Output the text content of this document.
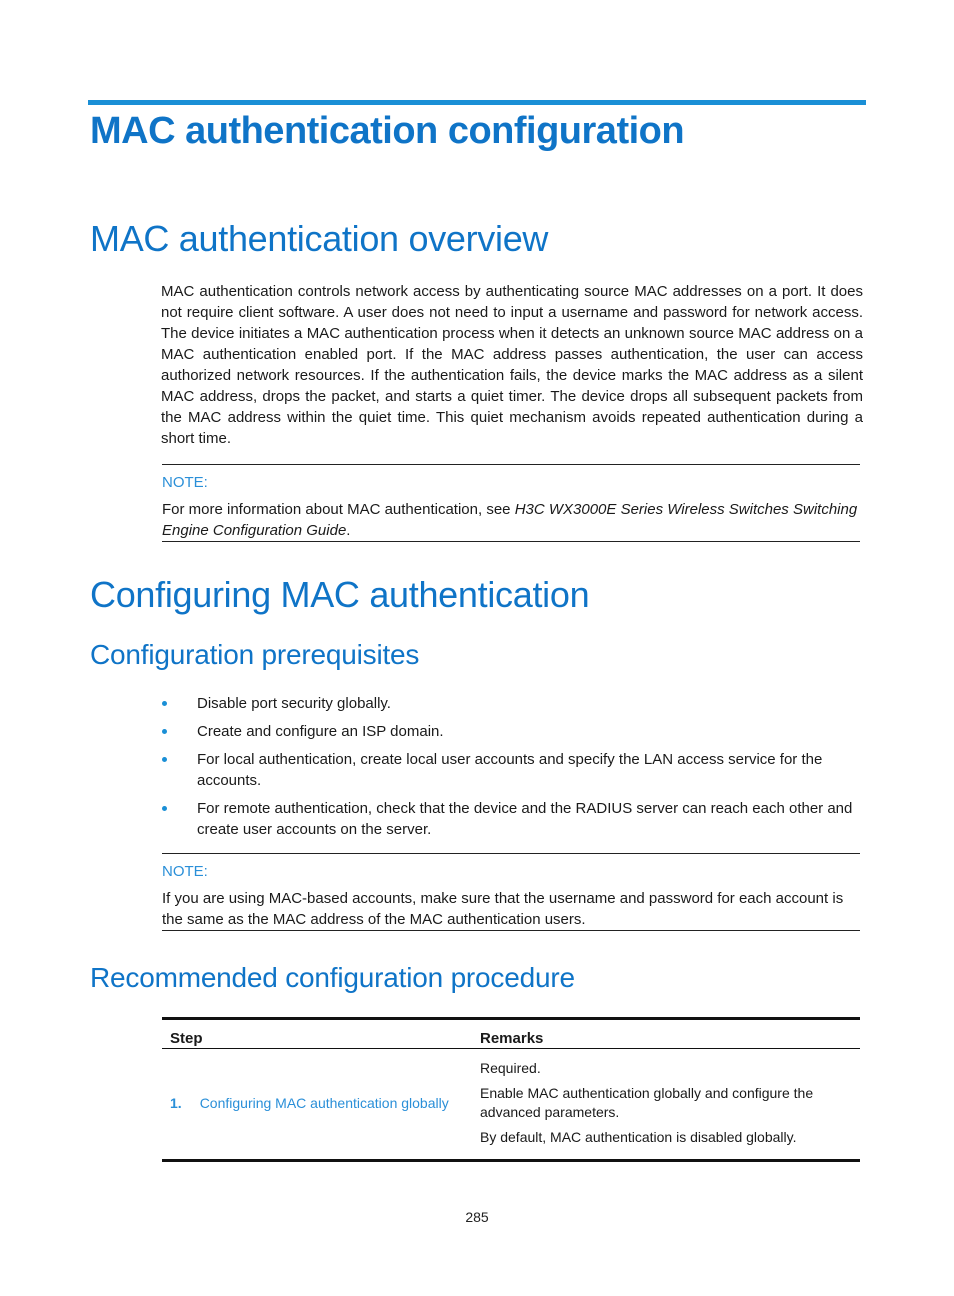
MAC authentication configuration
MAC authentication overview

MAC authentication controls network access by authenticating source MAC addresses on a port. It does not require client software. A user does not need to input a username and password for network access. The device initiates a MAC authentication process when it detects an unknown source MAC address on a MAC authentication enabled port. If the MAC address passes authentication, the user can access authorized network resources. If the authentication fails, the device marks the MAC address as a silent MAC address, drops the packet, and starts a quiet timer. The device drops all subsequent packets from the MAC address within the quiet time. This quiet mechanism avoids repeated authentication during a short time.

NOTE:
For more information about MAC authentication, see H3C WX3000E Series Wireless Switches Switching Engine Configuration Guide.
Configuring MAC authentication
Configuration prerequisites
Disable port security globally.
Create and configure an ISP domain.
For local authentication, create local user accounts and specify the LAN access service for the accounts.
For remote authentication, check that the device and the RADIUS server can reach each other and create user accounts on the server.
NOTE:
If you are using MAC-based accounts, make sure that the username and password for each account is the same as the MAC address of the MAC authentication users.
Recommended configuration procedure
Step	Remarks
1. Configuring MAC authentication globally	Required.
Enable MAC authentication globally and configure the advanced parameters.
By default, MAC authentication is disabled globally.
285
